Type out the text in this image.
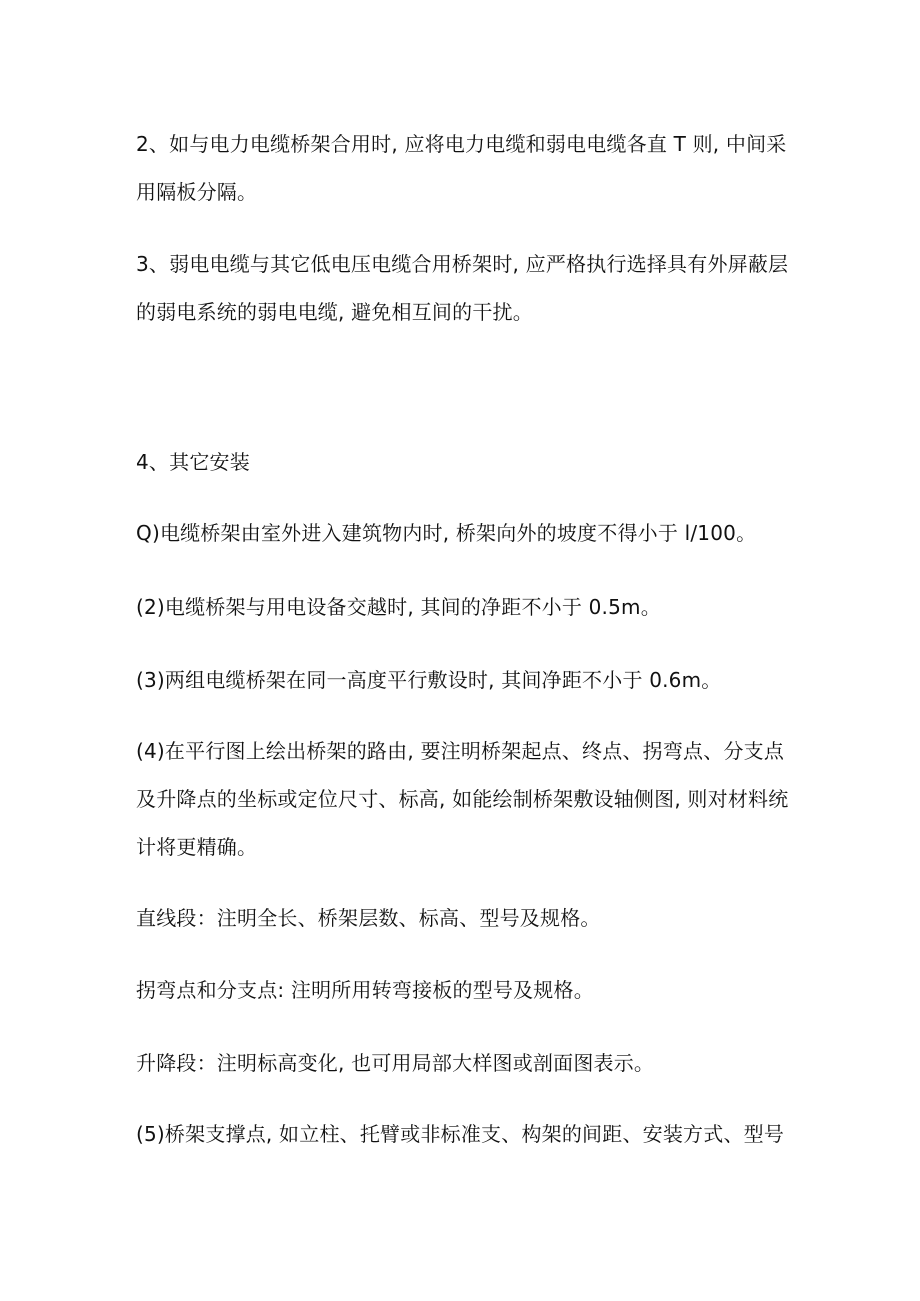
2、如与电力电缆桥架合用时, 应将电力电缆和弱电电缆各直 T 则, 中间采
用隔板分隔。
3、弱电电缆与其它低电压电缆合用桥架时, 应严格执行选择具有外屏蔽层
的弱电系统的弱电电缆, 避免相互间的干扰。
4、其它安装
Q)电缆桥架由室外进入建筑物内时, 桥架向外的坡度不得小于 l/100。
(2)电缆桥架与用电设备交越时, 其间的净距不小于 0.5m。
(3)两组电缆桥架在同一高度平行敷设时, 其间净距不小于 0.6m。
(4)在平行图上绘出桥架的路由, 要注明桥架起点、终点、拐弯点、分支点
及升降点的坐标或定位尺寸、标高, 如能绘制桥架敷设轴侧图, 则对材料统
计将更精确。
直线段：注明全长、桥架层数、标高、型号及规格。
拐弯点和分支点: 注明所用转弯接板的型号及规格。
升降段：注明标高变化, 也可用局部大样图或剖面图表示。
(5)桥架支撑点, 如立柱、托臂或非标准支、构架的间距、安装方式、型号
